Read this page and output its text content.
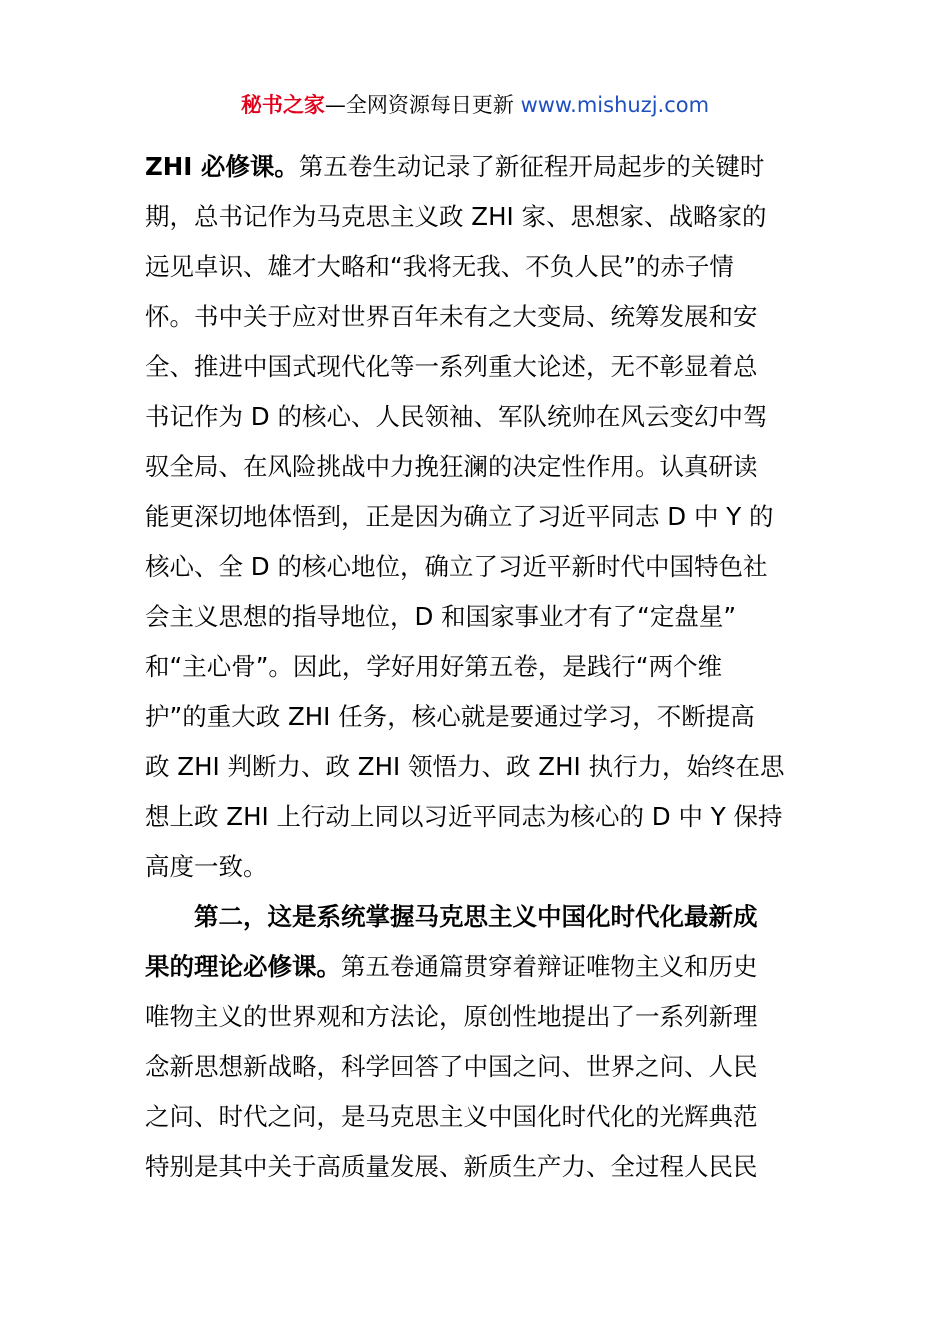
秘书之家—全网资源每日更新 www.mishuzj.com
ZHI 必修课。第五卷生动记录了新征程开局起步的关键时
期，总书记作为马克思主义政 ZHI 家、思想家、战略家的
远见卓识、雄才大略和“我将无我、不负人民”的赤子情
怀。书中关于应对世界百年未有之大变局、统筹发展和安
全、推进中国式现代化等一系列重大论述，无不彰显着总
书记作为 D 的核心、人民领袖、军队统帅在风云变幻中驾
驭全局、在风险挑战中力挽狂澜的决定性作用。认真研读
能更深切地体悟到，正是因为确立了习近平同志 D 中 Y 的
核心、全 D 的核心地位，确立了习近平新时代中国特色社
会主义思想的指导地位，D 和国家事业才有了“定盘星”
和“主心骨”。因此，学好用好第五卷，是践行“两个维
护”的重大政 ZHI 任务，核心就是要通过学习，不断提高
政 ZHI 判断力、政 ZHI 领悟力、政 ZHI 执行力，始终在思
想上政 ZHI 上行动上同以习近平同志为核心的 D 中 Y 保持
高度一致。
第二，这是系统掌握马克思主义中国化时代化最新成
果的理论必修课。第五卷通篇贯穿着辩证唯物主义和历史
唯物主义的世界观和方法论，原创性地提出了一系列新理
念新思想新战略，科学回答了中国之问、世界之问、人民
之问、时代之问，是马克思主义中国化时代化的光辉典范
特别是其中关于高质量发展、新质生产力、全过程人民民
